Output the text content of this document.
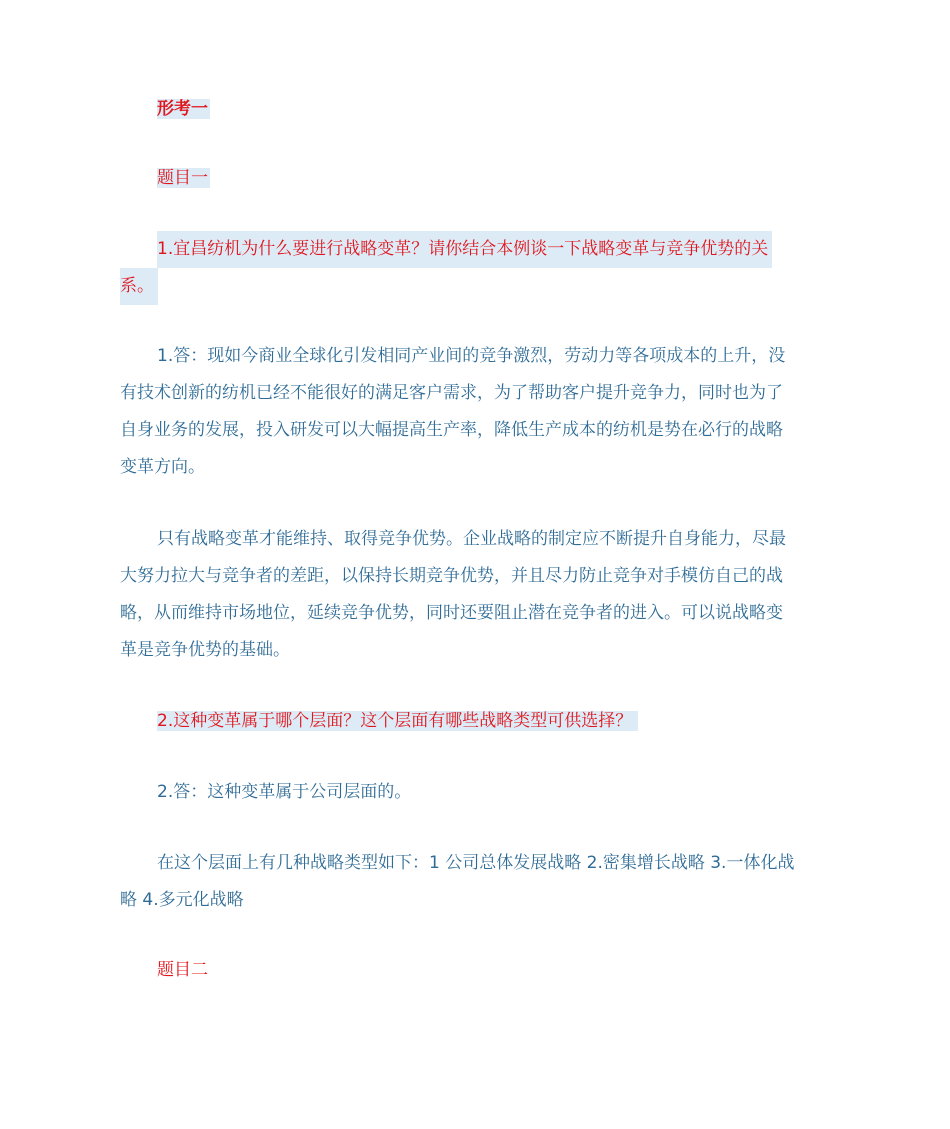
形考一
题目一
1.宜昌纺机为什么要进行战略变革？请你结合本例谈一下战略变革与竞争优势的关
系。
1.答：现如今商业全球化引发相同产业间的竞争激烈，劳动力等各项成本的上升，没
有技术创新的纺机已经不能很好的满足客户需求，为了帮助客户提升竞争力，同时也为了
自身业务的发展，投入研发可以大幅提高生产率，降低生产成本的纺机是势在必行的战略
变革方向。
只有战略变革才能维持、取得竞争优势。企业战略的制定应不断提升自身能力，尽最
大努力拉大与竞争者的差距，以保持长期竞争优势，并且尽力防止竞争对手模仿自己的战
略，从而维持市场地位，延续竞争优势，同时还要阻止潜在竞争者的进入。可以说战略变
革是竞争优势的基础。
2.这种变革属于哪个层面？这个层面有哪些战略类型可供选择？
2.答：这种变革属于公司层面的。
在这个层面上有几种战略类型如下：1 公司总体发展战略 2.密集增长战略 3.一体化战
略 4.多元化战略
题目二
